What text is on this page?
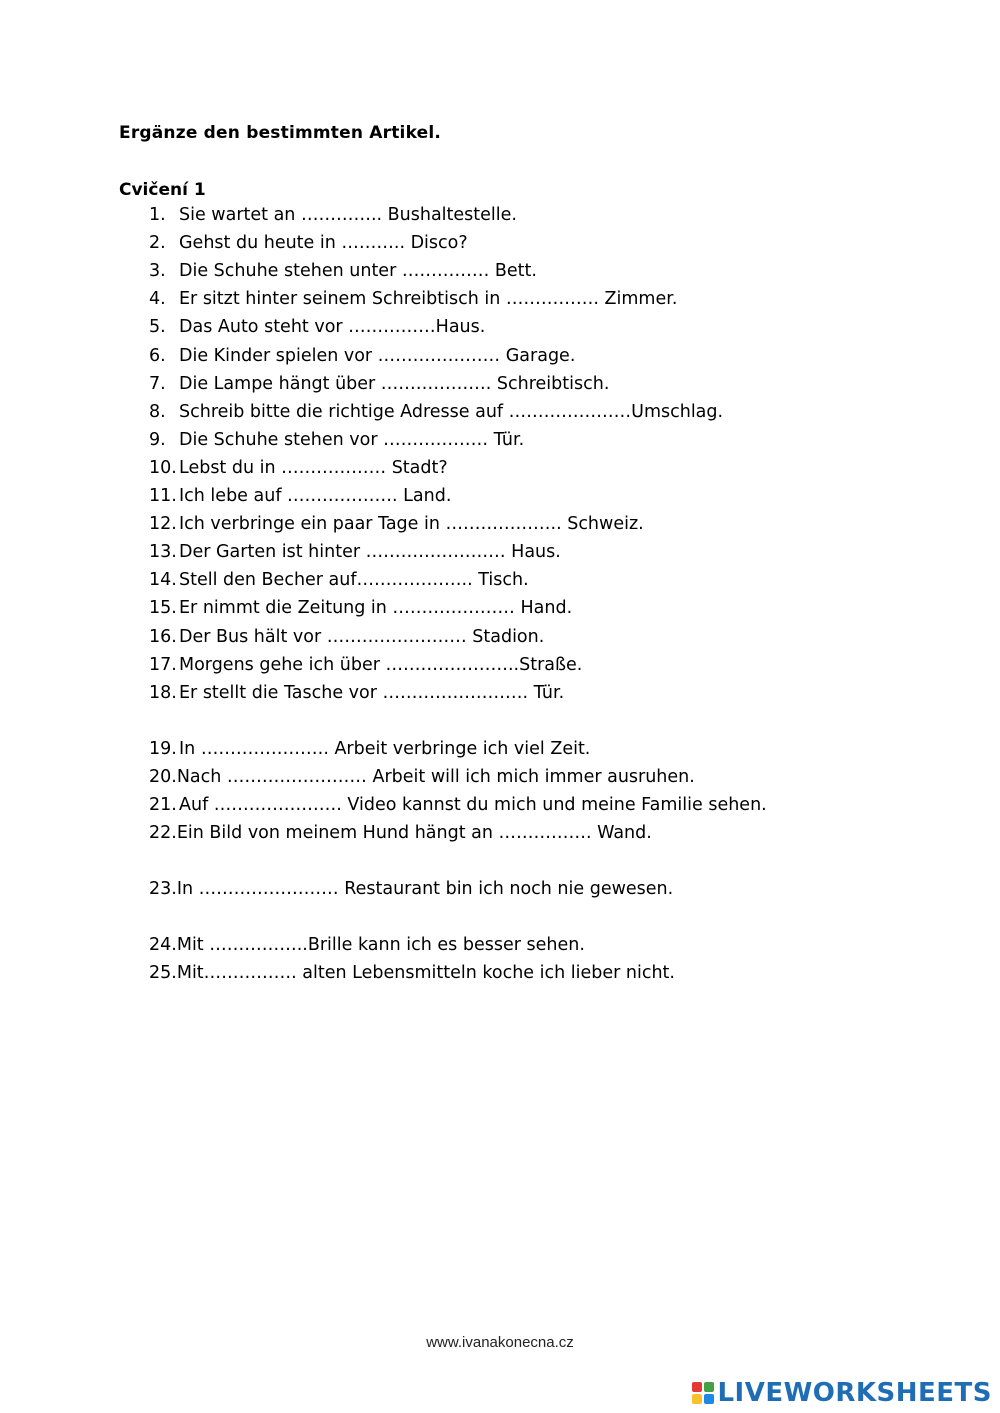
Ergänze den bestimmten Artikel.
Cvičení 1
1. Sie wartet an ………….. Bushaltestelle.
2. Gehst du heute in ……….. Disco?
3. Die Schuhe stehen unter …………… Bett.
4. Er sitzt hinter seinem Schreibtisch in ……………. Zimmer.
5. Das Auto steht vor ……………Haus.
6. Die Kinder spielen vor ………………… Garage.
7. Die Lampe hängt über ………………. Schreibtisch.
8. Schreib bitte die richtige Adresse auf …………………Umschlag.
9. Die Schuhe stehen vor ……………… Tür.
10. Lebst du in ……………… Stadt?
11. Ich lebe auf ………………. Land.
12. Ich verbringe ein paar Tage in ……………….. Schweiz.
13. Der Garten ist hinter …………………… Haus.
14. Stell den Becher auf……………….. Tisch.
15. Er nimmt die Zeitung in ………………… Hand.
16. Der Bus hält vor …………………… Stadion.
17. Morgens gehe ich über …………………..Straße.
18. Er stellt die Tasche vor ……………………. Tür.
19. In …………………. Arbeit verbringe ich viel Zeit.
20.Nach …………………… Arbeit will ich mich immer ausruhen.
21. Auf …………………. Video kannst du mich und meine Familie sehen.
22.Ein Bild von meinem Hund hängt an ……………. Wand.
23.In …………………… Restaurant bin ich noch nie gewesen.
24.Mit ……………..Brille kann ich es besser sehen.
25.Mit……………. alten Lebensmitteln koche ich lieber nicht.
www.ivanakonecna.cz
LIVEWORKSHEETS
